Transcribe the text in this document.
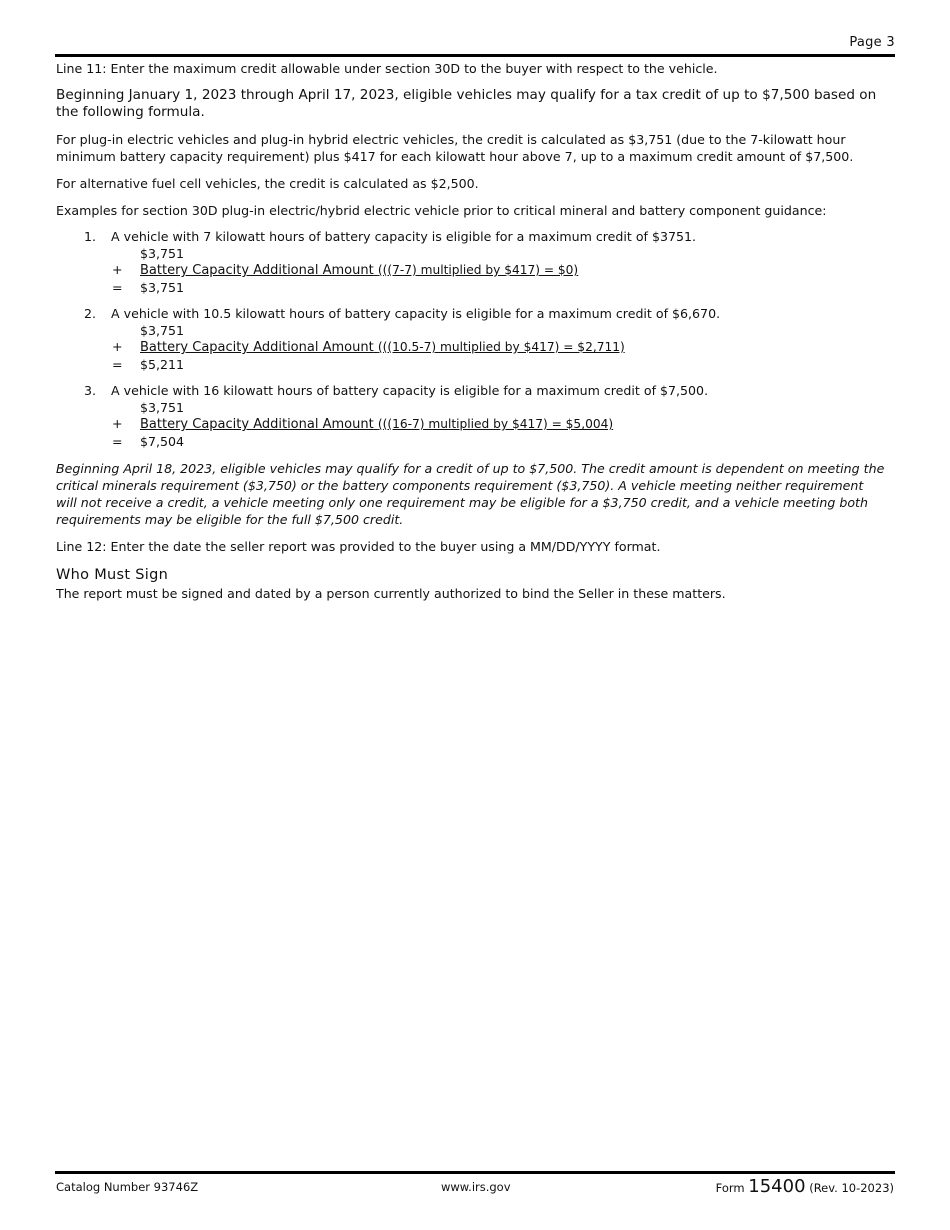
Page 3

Line 11: Enter the maximum credit allowable under section 30D to the buyer with respect to the vehicle.

Beginning January 1, 2023 through April 17, 2023, eligible vehicles may qualify for a tax credit of up to $7,500 based on the following formula.

For plug-in electric vehicles and plug-in hybrid electric vehicles, the credit is calculated as $3,751 (due to the 7-kilowatt hour minimum battery capacity requirement) plus $417 for each kilowatt hour above 7, up to a maximum credit amount of $7,500.

For alternative fuel cell vehicles, the credit is calculated as $2,500.

Examples for section 30D plug-in electric/hybrid electric vehicle prior to critical mineral and battery component guidance:

1.	A vehicle with 7 kilowatt hours of battery capacity is eligible for a maximum credit of $3751.
$3,751
+	Battery Capacity Additional Amount (((7-7) multiplied by $417) = $0)
=	$3,751
2.	A vehicle with 10.5 kilowatt hours of battery capacity is eligible for a maximum credit of $6,670.
$3,751
+	Battery Capacity Additional Amount (((10.5-7) multiplied by $417) = $2,711)
=	$5,211
3.	A vehicle with 16 kilowatt hours of battery capacity is eligible for a maximum credit of $7,500.
$3,751
+	Battery Capacity Additional Amount (((16-7) multiplied by $417) = $5,004)
=	$7,504

Beginning April 18, 2023, eligible vehicles may qualify for a credit of up to $7,500. The credit amount is dependent on meeting the critical minerals requirement ($3,750) or the battery components requirement ($3,750). A vehicle meeting neither requirement will not receive a credit, a vehicle meeting only one requirement may be eligible for a $3,750 credit, and a vehicle meeting both requirements may be eligible for the full $7,500 credit.

Line 12: Enter the date the seller report was provided to the buyer using a MM/DD/YYYY format.

Who Must Sign

The report must be signed and dated by a person currently authorized to bind the Seller in these matters.

Catalog Number 93746Z	www.irs.gov	Form 15400 (Rev. 10-2023)
